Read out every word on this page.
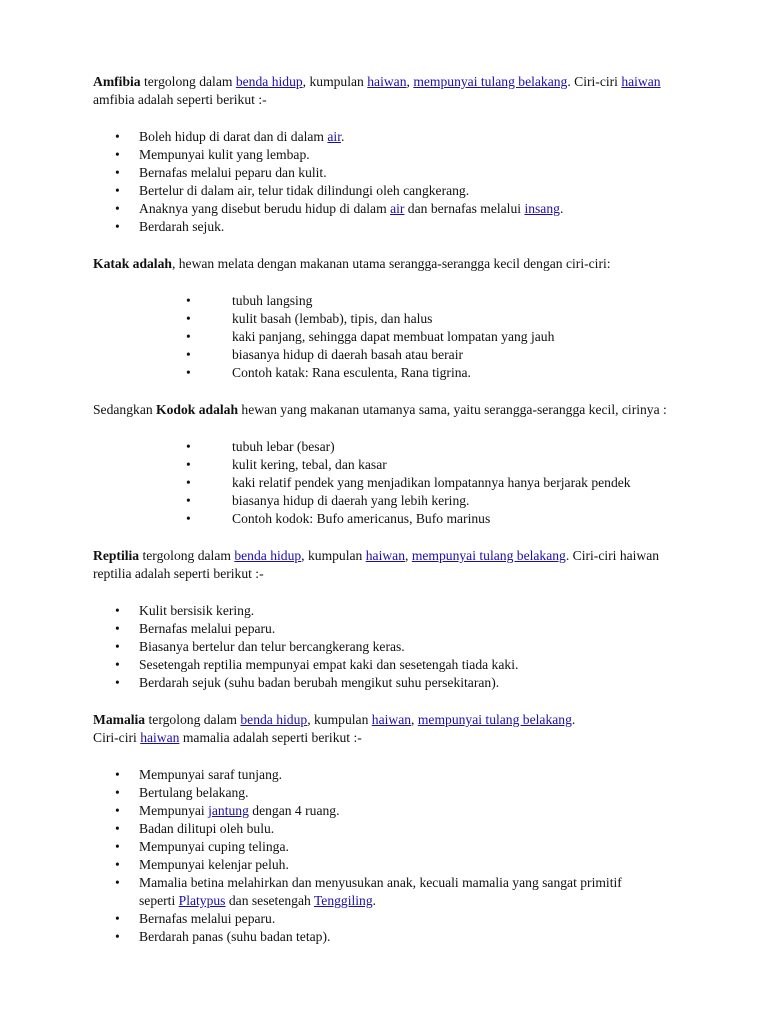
Amfibia tergolong dalam benda hidup, kumpulan haiwan, mempunyai tulang belakang. Ciri-ciri haiwan amfibia adalah seperti berikut :-

• Boleh hidup di darat dan di dalam air.
• Mempunyai kulit yang lembap.
• Bernafas melalui peparu dan kulit.
• Bertelur di dalam air, telur tidak dilindungi oleh cangkerang.
• Anaknya yang disebut berudu hidup di dalam air dan bernafas melalui insang.
• Berdarah sejuk.

Katak adalah, hewan melata dengan makanan utama serangga-serangga kecil dengan ciri-ciri:

• tubuh langsing
• kulit basah (lembab), tipis, dan halus
• kaki panjang, sehingga dapat membuat lompatan yang jauh
• biasanya hidup di daerah basah atau berair
• Contoh katak: Rana esculenta, Rana tigrina.

Sedangkan Kodok adalah hewan yang makanan utamanya sama, yaitu serangga-serangga kecil, cirinya :

• tubuh lebar (besar)
• kulit kering, tebal, dan kasar
• kaki relatif pendek yang menjadikan lompatannya hanya berjarak pendek
• biasanya hidup di daerah yang lebih kering.
• Contoh kodok: Bufo americanus, Bufo marinus

Reptilia tergolong dalam benda hidup, kumpulan haiwan, mempunyai tulang belakang. Ciri-ciri haiwan reptilia adalah seperti berikut :-

• Kulit bersisik kering.
• Bernafas melalui peparu.
• Biasanya bertelur dan telur bercangkerang keras.
• Sesetengah reptilia mempunyai empat kaki dan sesetengah tiada kaki.
• Berdarah sejuk (suhu badan berubah mengikut suhu persekitaran).

Mamalia tergolong dalam benda hidup, kumpulan haiwan, mempunyai tulang belakang.
Ciri-ciri haiwan mamalia adalah seperti berikut :-

• Mempunyai saraf tunjang.
• Bertulang belakang.
• Mempunyai jantung dengan 4 ruang.
• Badan dilitupi oleh bulu.
• Mempunyai cuping telinga.
• Mempunyai kelenjar peluh.
• Mamalia betina melahirkan dan menyusukan anak, kecuali mamalia yang sangat primitif seperti Platypus dan sesetengah Tenggiling.
• Bernafas melalui peparu.
• Berdarah panas (suhu badan tetap).
